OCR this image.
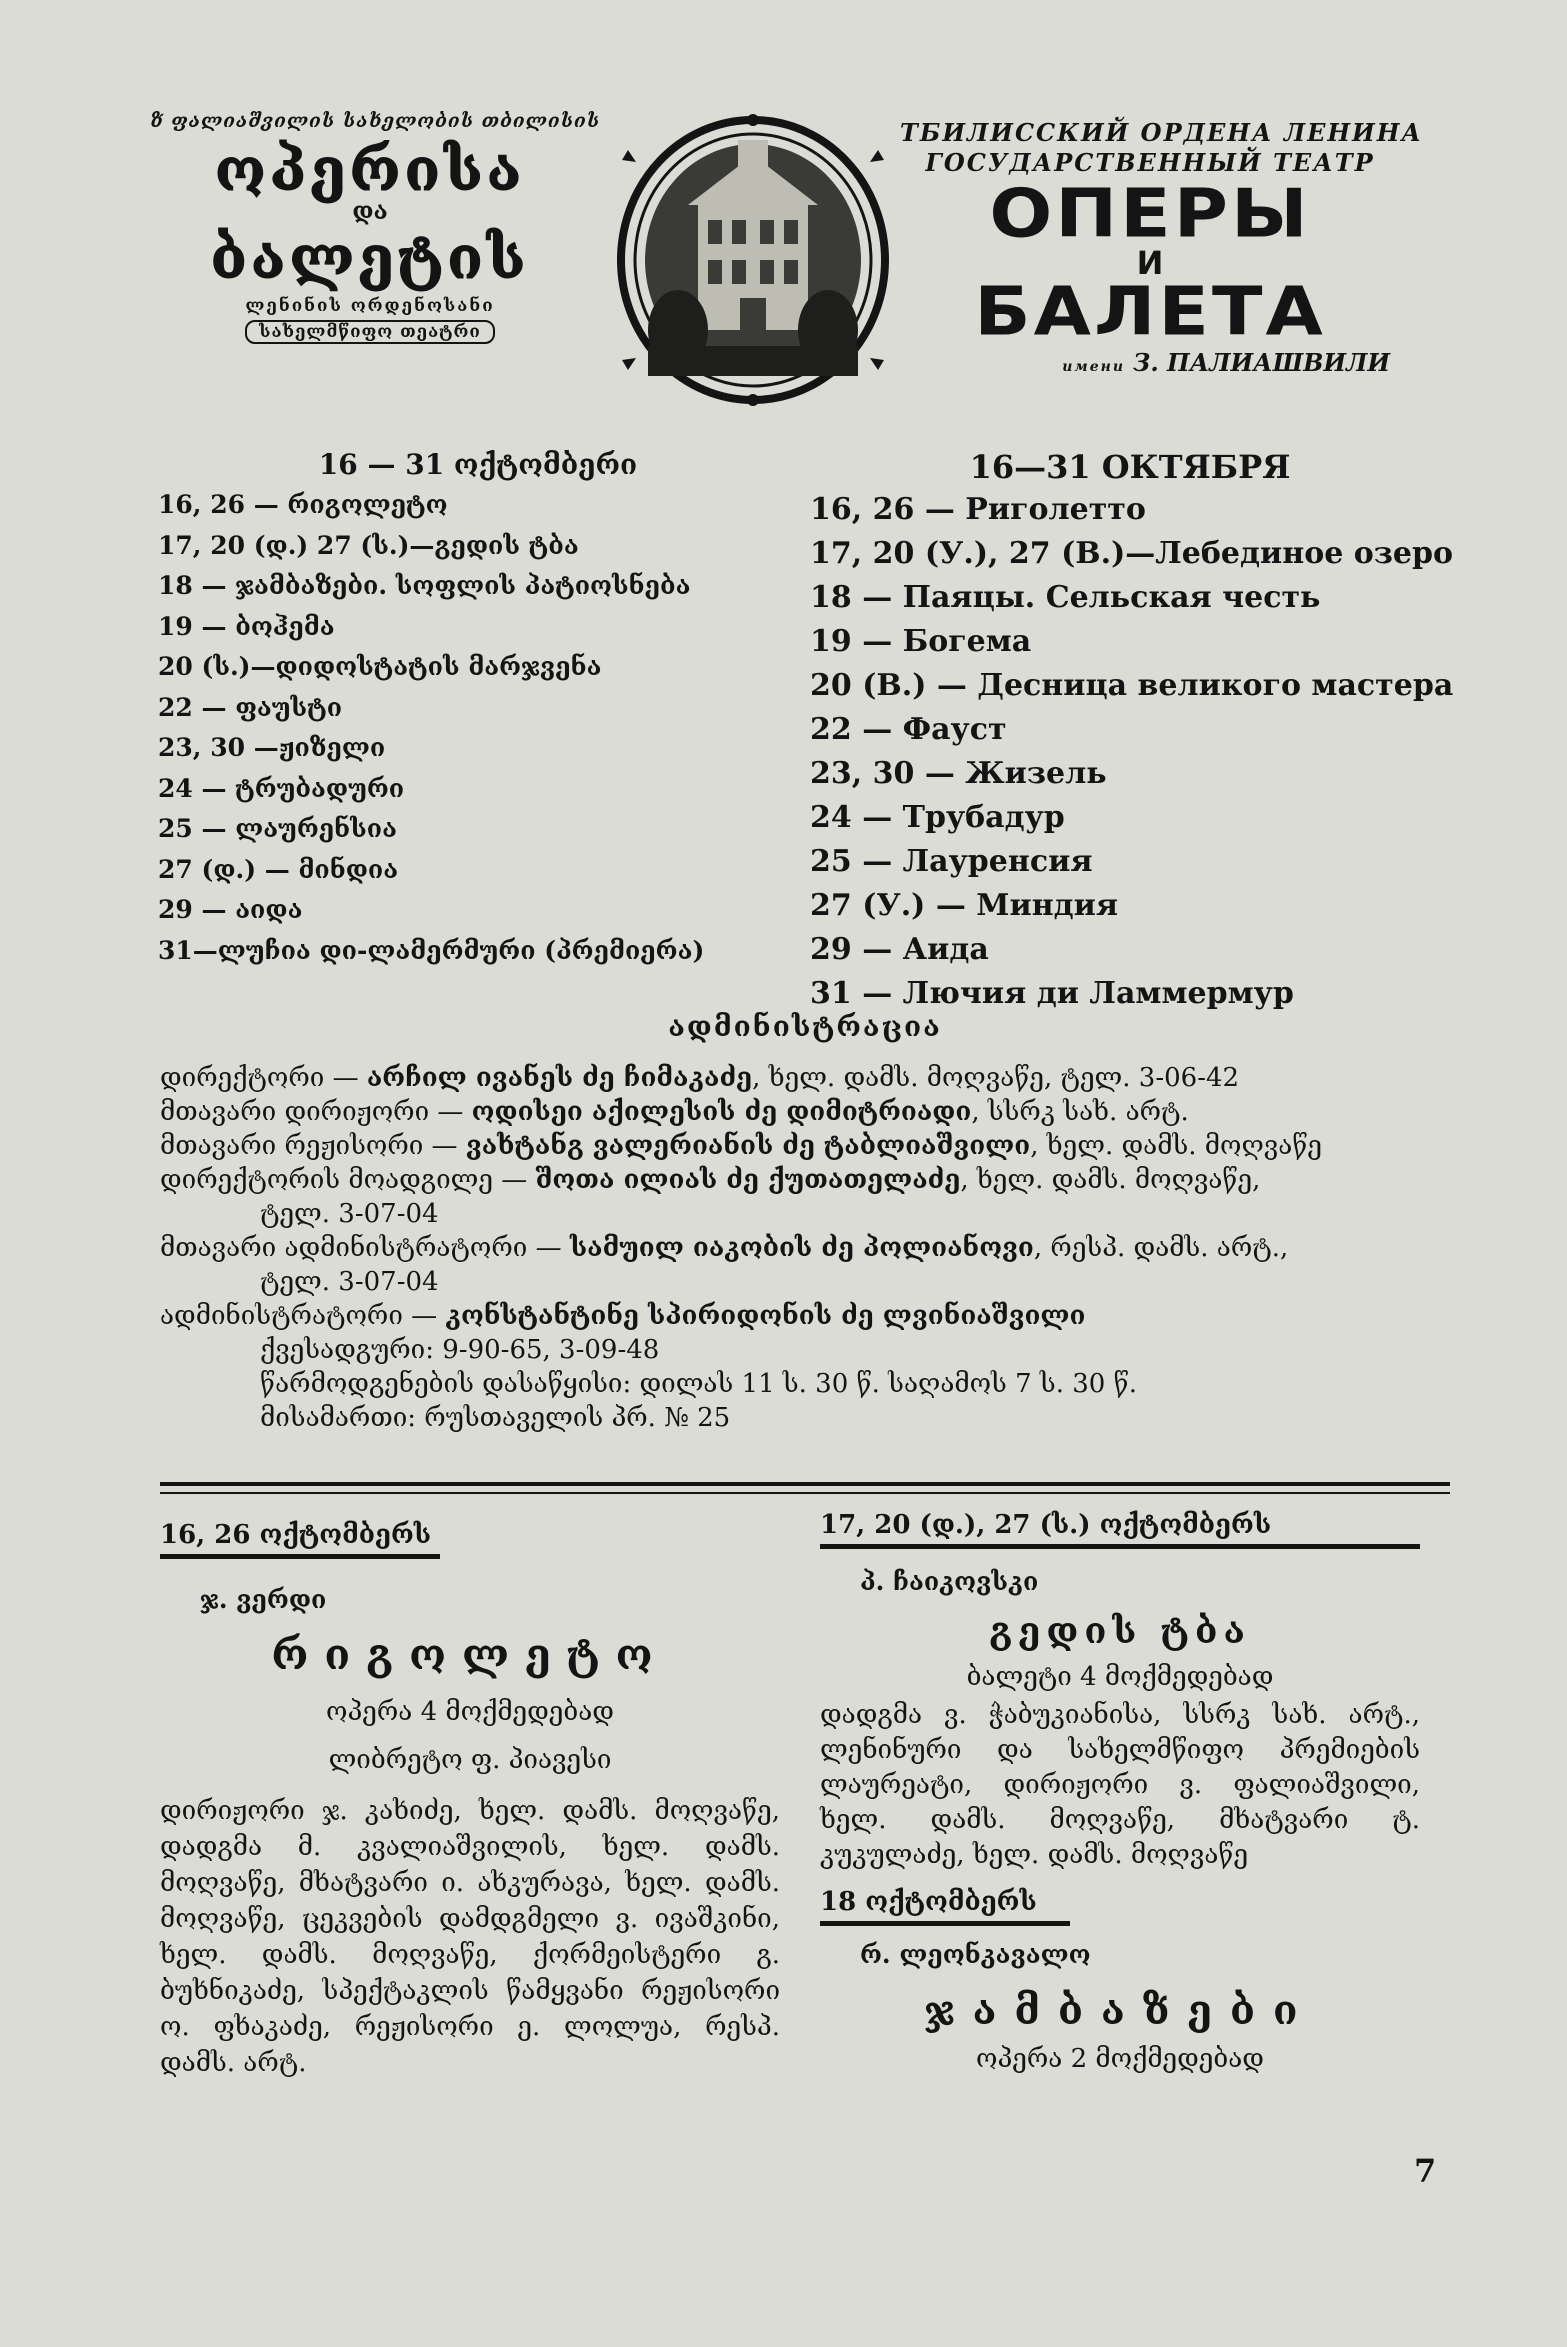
ზ ფალიაშვილის სახელობის თბილისის
ოპერისა
და
ბალეტის
ლენინის ორდენოსანი
სახელმწიფო თეატრი
ТБИЛИССКИЙ ОРДЕНА ЛЕНИНА
ГОСУДАРСТВЕННЫЙ ТЕАТР
ОПЕРЫ
И
БАЛЕТА
имени З. ПАЛИАШВИЛИ
16 — 31 ოქტომბერი
16, 26 — რიგოლეტო
17, 20 (დ.) 27 (ს.)—გედის ტბა
18 — ჯამბაზები. სოფლის პატიოსნება
19 — ბოჰემა
20 (ს.)—დიდოსტატის მარჯვენა
22 — ფაუსტი
23, 30 —ჟიზელი
24 — ტრუბადური
25 — ლაურენსია
27 (დ.) — მინდია
29 — აიდა
31—ლუჩია დი-ლამერმური (პრემიერა)
16—31 ОКТЯБРЯ
16, 26 — Риголетто
17, 20 (У.), 27 (В.)—Лебединое озеро
18 — Паяцы. Сельская честь
19 — Богема
20 (В.) — Десница великого мастера
22 — Фауст
23, 30 — Жизель
24 — Трубадур
25 — Лауренсия
27 (У.) — Миндия
29 — Аида
31 — Лючия ди Ламмермур
ადმინისტრაცია
დირექტორი — არჩილ ივანეს ძე ჩიმაკაძე, ხელ. დამს. მოღვაწე, ტელ. 3-06-42
მთავარი დირიჟორი — ოდისეი აქილესის ძე დიმიტრიადი, სსრკ სახ. არტ.
მთავარი რეჟისორი — ვახტანგ ვალერიანის ძე ტაბლიაშვილი, ხელ. დამს. მოღვაწე
დირექტორის მოადგილე — შოთა ილიას ძე ქუთათელაძე, ხელ. დამს. მოღვაწე,
ტელ. 3-07-04
მთავარი ადმინისტრატორი — სამუილ იაკობის ძე პოლიანოვი, რესპ. დამს. არტ.,
ტელ. 3-07-04
ადმინისტრატორი — კონსტანტინე სპირიდონის ძე ლვინიაშვილი
ქვესადგური: 9-90-65, 3-09-48
წარმოდგენების დასაწყისი: დილას 11 ს. 30 წ. საღამოს 7 ს. 30 წ.
მისამართი: რუსთაველის პრ. № 25
16, 26 ოქტომბერს
ჯ. ვერდი
რიგოლეტო
ოპერა 4 მოქმედებად
ლიბრეტო ფ. პიავესი
დირიჟორი ჯ. კახიძე, ხელ. დამს. მოღვაწე, დადგმა მ. კვალიაშვილის, ხელ. დამს. მოღვაწე, მხატვარი ი. ახკურავა, ხელ. დამს. მოღვაწე, ცეკვების დამდგმელი ვ. ივაშკინი, ხელ. დამს. მოღვაწე, ქორმეისტერი გ. ბუხნიკაძე, სპექტაკლის წამყვანი რეჟისორი ო. ფხაკაძე, რეჟისორი ე. ლოლუა, რესპ. დამს. არტ.
17, 20 (დ.), 27 (ს.) ოქტომბერს
პ. ჩაიკოვსკი
გედის ტბა
ბალეტი 4 მოქმედებად
დადგმა ვ. ჭაბუკიანისა, სსრკ სახ. არტ., ლენინური და სახელმწიფო პრემიების ლაურეატი, დირიჟორი ვ. ფალიაშვილი, ხელ. დამს. მოღვაწე, მხატვარი ტ. კუკულაძე, ხელ. დამს. მოღვაწე
18 ოქტომბერს
რ. ლეონკავალო
ჯამბაზები
ოპერა 2 მოქმედებად
7
